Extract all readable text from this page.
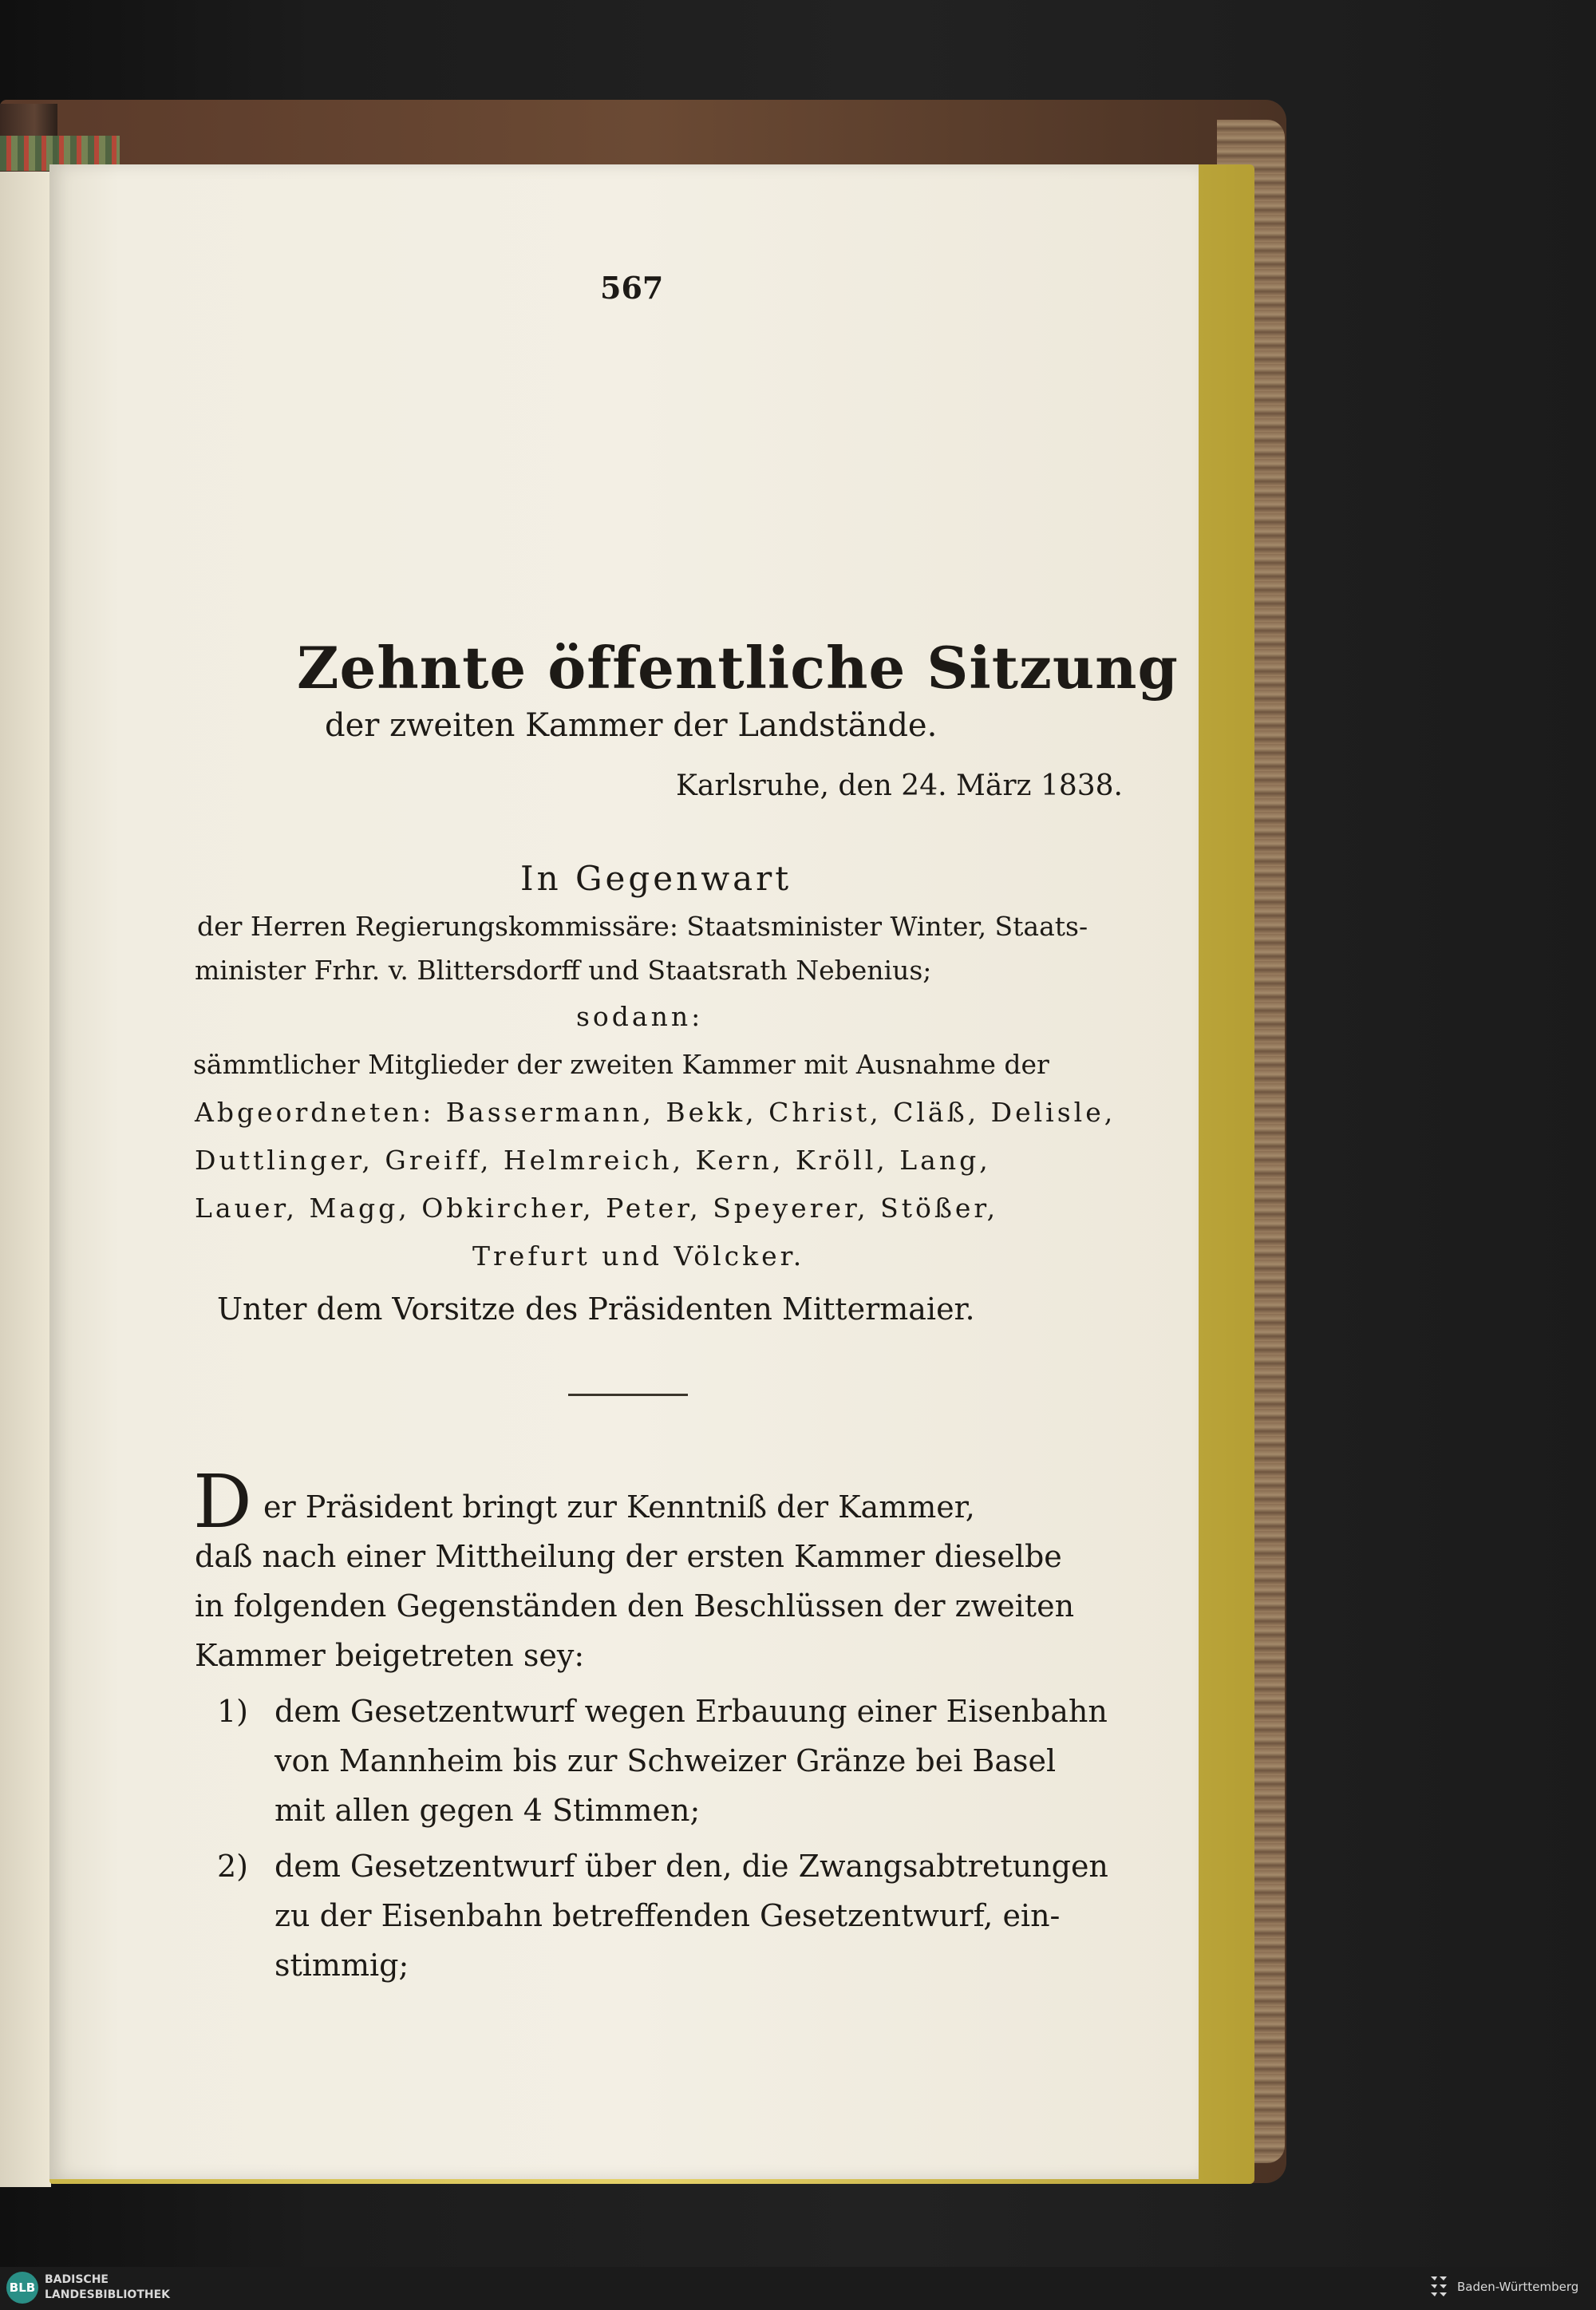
567
Zehnte öffentliche Sitzung
der zweiten Kammer der Landstände.
Karlsruhe, den 24. März 1838.
In Gegenwart
der Herren Regierungskommissäre: Staatsminister Winter, Staats-
minister Frhr. v. Blittersdorff und Staatsrath Nebenius;
sodann:
sämmtlicher Mitglieder der zweiten Kammer mit Ausnahme der
Abgeordneten: Bassermann, Bekk, Christ, Cläß, Delisle,
Duttlinger, Greiff, Helmreich, Kern, Kröll, Lang,
Lauer, Magg, Obkircher, Peter, Speyerer, Stößer,
Trefurt und Völcker.
Unter dem Vorsitze des Präsidenten Mittermaier.
D er Präsident bringt zur Kenntniß der Kammer,
daß nach einer Mittheilung der ersten Kammer dieselbe
in folgenden Gegenständen den Beschlüssen der zweiten
Kammer beigetreten sey:
1) dem Gesetzentwurf wegen Erbauung einer Eisenbahn
von Mannheim bis zur Schweizer Gränze bei Basel
mit allen gegen 4 Stimmen;
2) dem Gesetzentwurf über den, die Zwangsabtretungen
zu der Eisenbahn betreffenden Gesetzentwurf, ein-
stimmig;
BLB
BADISCHE
LANDESBIBLIOTHEK
Baden-Württemberg
